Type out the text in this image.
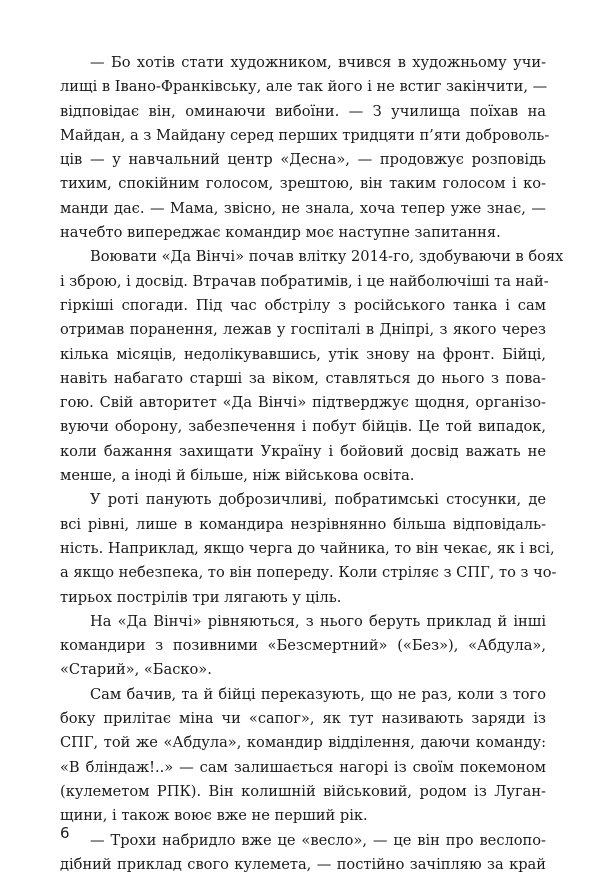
— Бо хотів стати художником, вчився в художньому учи-
лищі в Івано-Франківську, але так його і не встиг закінчити, —
відповідає він, оминаючи вибоїни. — З училища поїхав на
Майдан, а з Майдану серед перших тридцяти п’яти доброволь-
ців — у навчальний центр «Десна», — продовжує розповідь
тихим, спокійним голосом, зрештою, він таким голосом і ко-
манди дає. — Мама, звісно, не знала, хоча тепер уже знає, —
начебто випереджає командир моє наступне запитання.
Воювати «Да Вінчі» почав влітку 2014-го, здобуваючи в боях
і зброю, і досвід. Втрачав побратимів, і це найболючіші та най-
гіркіші спогади. Під час обстрілу з російського танка і сам
отримав поранення, лежав у госпіталі в Дніпрі, з якого через
кілька місяців, недолікувавшись, утік знову на фронт. Бійці,
навіть набагато старші за віком, ставляться до нього з пова-
гою. Свій авторитет «Да Вінчі» підтверджує щодня, організо-
вуючи оборону, забезпечення і побут бійців. Це той випадок,
коли бажання захищати Україну і бойовий досвід важать не
менше, а іноді й більше, ніж військова освіта.
У роті панують доброзичливі, побратимські стосунки, де
всі рівні, лише в командира незрівнянно більша відповідаль-
ність. Наприклад, якщо черга до чайника, то він чекає, як і всі,
а якщо небезпека, то він попереду. Коли стріляє з СПГ, то з чо-
тирьох пострілів три лягають у ціль.
На «Да Вінчі» рівняються, з нього беруть приклад й інші
командири з позивними «Безсмертний» («Без»), «Абдула»,
«Старий», «Баско».
Сам бачив, та й бійці переказують, що не раз, коли з того
боку прилітає міна чи «сапог», як тут називають заряди із
СПГ, той же «Абдула», командир відділення, даючи команду:
«В бліндаж!..» — сам залишається нагорі із своїм покемоном
(кулеметом РПК). Він колишній військовий, родом із Луган-
щини, і також воює вже не перший рік.
— Трохи набридло вже це «весло», — це він про веслопо-
дібний приклад свого кулемета, — постійно зачіпляю за край
6
